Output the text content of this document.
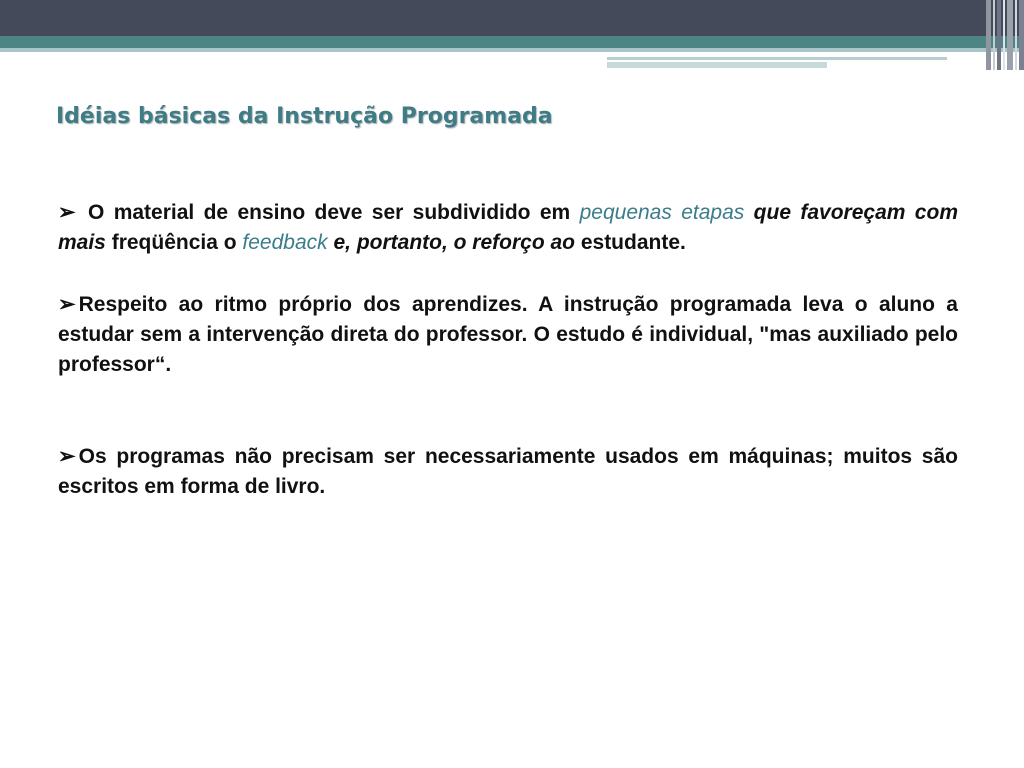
Idéias básicas da Instrução Programada

➢ O material de ensino deve ser subdividido em pequenas etapas que favoreçam com mais freqüência o feedback e, portanto, o reforço ao estudante.

➢ Respeito ao ritmo próprio dos aprendizes. A instrução programada leva o aluno a estudar sem a intervenção direta do professor. O estudo é individual, "mas auxiliado pelo professor“.

➢ Os programas não precisam ser necessariamente usados em máquinas; muitos são escritos em forma de livro.
